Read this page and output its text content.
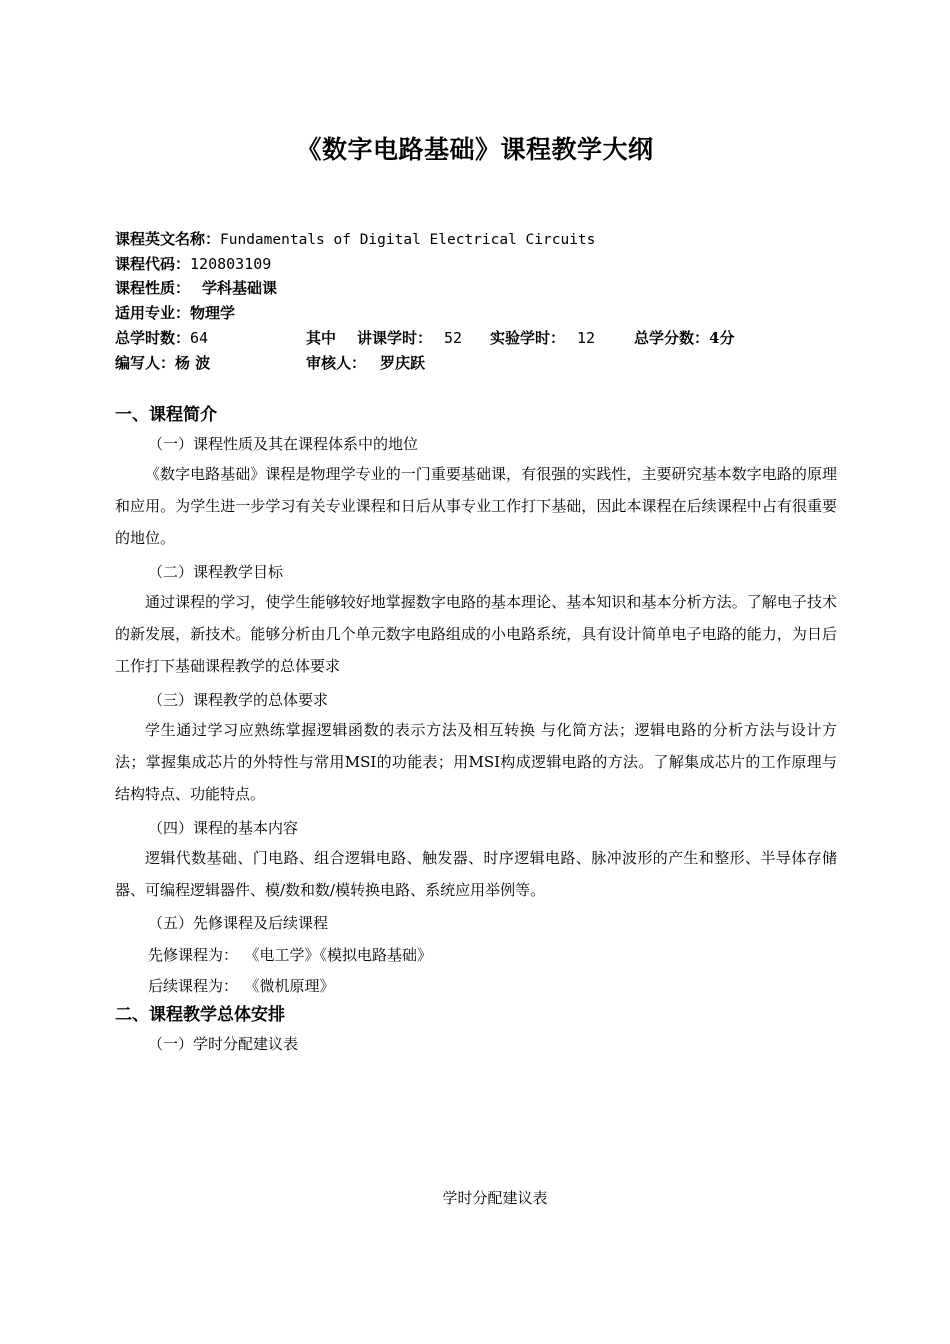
《数字电路基础》课程教学大纲
课程英文名称：Fundamentals of Digital Electrical Circuits
课程代码：120803109
课程性质： 学科基础课
适用专业：物理学
总学时数：64	其中 讲课学时： 52 实验学时： 12	总学分数：4分
编写人：杨 波	审核人： 罗庆跃
一、课程简介
（一）课程性质及其在课程体系中的地位

《数字电路基础》课程是物理学专业的一门重要基础课，有很强的实践性，主要研究基本数字电路的原理和应用。为学生进一步学习有关专业课程和日后从事专业工作打下基础，因此本课程在后续课程中占有很重要的地位。

（二）课程教学目标

通过课程的学习，使学生能够较好地掌握数字电路的基本理论、基本知识和基本分析方法。了解电子技术的新发展，新技术。能够分析由几个单元数字电路组成的小电路系统，具有设计简单电子电路的能力，为日后工作打下基础课程教学的总体要求

（三）课程教学的总体要求

学生通过学习应熟练掌握逻辑函数的表示方法及相互转换 与化简方法；逻辑电路的分析方法与设计方法；掌握集成芯片的外特性与常用MSI的功能表；用MSI构成逻辑电路的方法。了解集成芯片的工作原理与结构特点、功能特点。

（四）课程的基本内容

逻辑代数基础、门电路、组合逻辑电路、触发器、时序逻辑电路、脉冲波形的产生和整形、半导体存储器、可编程逻辑器件、模/数和数/模转换电路、系统应用举例等。

（五）先修课程及后续课程
先修课程为： 《电工学》《模拟电路基础》
后续课程为： 《微机原理》
二、课程教学总体安排
（一）学时分配建议表
学时分配建议表
